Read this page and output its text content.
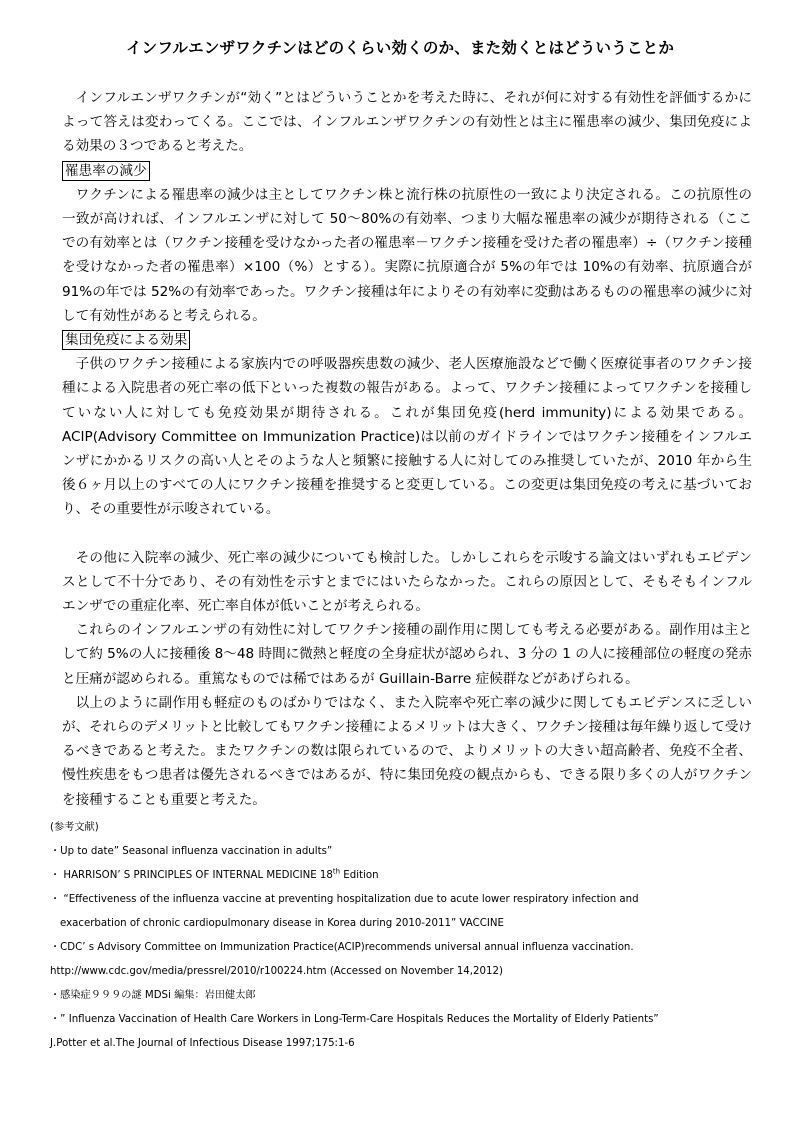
インフルエンザワクチンはどのくらい効くのか、また効くとはどういうことか

インフルエンザワクチンが“効く”とはどういうことかを考えた時に、それが何に対する有効性を評価するかによって答えは変わってくる。ここでは、インフルエンザワクチンの有効性とは主に罹患率の減少、集団免疫による効果の３つであると考えた。

罹患率の減少

ワクチンによる罹患率の減少は主としてワクチン株と流行株の抗原性の一致により決定される。この抗原性の一致が高ければ、インフルエンザに対して 50～80%の有効率、つまり大幅な罹患率の減少が期待される（ここでの有効率とは（ワクチン接種を受けなかった者の罹患率－ワクチン接種を受けた者の罹患率）÷（ワクチン接種を受けなかった者の罹患率）×100（%）とする）。実際に抗原適合が 5%の年では 10%の有効率、抗原適合が 91%の年では 52%の有効率であった。ワクチン接種は年によりその有効率に変動はあるものの罹患率の減少に対して有効性があると考えられる。

集団免疫による効果

子供のワクチン接種による家族内での呼吸器疾患数の減少、老人医療施設などで働く医療従事者のワクチン接種による入院患者の死亡率の低下といった複数の報告がある。よって、ワクチン接種によってワクチンを接種していない人に対しても免疫効果が期待される。これが集団免疫(herd immunity)による効果である。ACIP(Advisory Committee on Immunization Practice)は以前のガイドラインではワクチン接種をインフルエンザにかかるリスクの高い人とそのような人と頻繁に接触する人に対してのみ推奨していたが、2010 年から生後６ヶ月以上のすべての人にワクチン接種を推奨すると変更している。この変更は集団免疫の考えに基づいており、その重要性が示唆されている。

その他に入院率の減少、死亡率の減少についても検討した。しかしこれらを示唆する論文はいずれもエビデンスとして不十分であり、その有効性を示すとまでにはいたらなかった。これらの原因として、そもそもインフルエンザでの重症化率、死亡率自体が低いことが考えられる。

これらのインフルエンザの有効性に対してワクチン接種の副作用に関しても考える必要がある。副作用は主として約 5%の人に接種後 8～48 時間に微熱と軽度の全身症状が認められ、3 分の 1 の人に接種部位の軽度の発赤と圧痛が認められる。重篤なものでは稀ではあるが Guillain-Barre 症候群などがあげられる。

以上のように副作用も軽症のものばかりではなく、また入院率や死亡率の減少に関してもエビデンスに乏しいが、それらのデメリットと比較してもワクチン接種によるメリットは大きく、ワクチン接種は毎年繰り返して受けるべきであると考えた。またワクチンの数は限られているので、よりメリットの大きい超高齢者、免疫不全者、慢性疾患をもつ患者は優先されるべきではあるが、特に集団免疫の観点からも、できる限り多くの人がワクチンを接種することも重要と考えた。

(参考文献)
・Up to date” Seasonal influenza vaccination in adults”
・ HARRISON’ S PRINCIPLES OF INTERNAL MEDICINE 18th Edition
・ “Effectiveness of the influenza vaccine at preventing hospitalization due to acute lower respiratory infection and
exacerbation of chronic cardiopulmonary disease in Korea during 2010-2011” VACCINE
・CDC’ s Advisory Committee on Immunization Practice(ACIP)recommends universal annual influenza vaccination.
http://www.cdc.gov/media/pressrel/2010/r100224.htm (Accessed on November 14,2012)
・感染症９９９の謎 MDSi 編集：岩田健太郎
・” Influenza Vaccination of Health Care Workers in Long-Term-Care Hospitals Reduces the Mortality of Elderly Patients”
J.Potter et al.The Journal of Infectious Disease 1997;175:1-6
